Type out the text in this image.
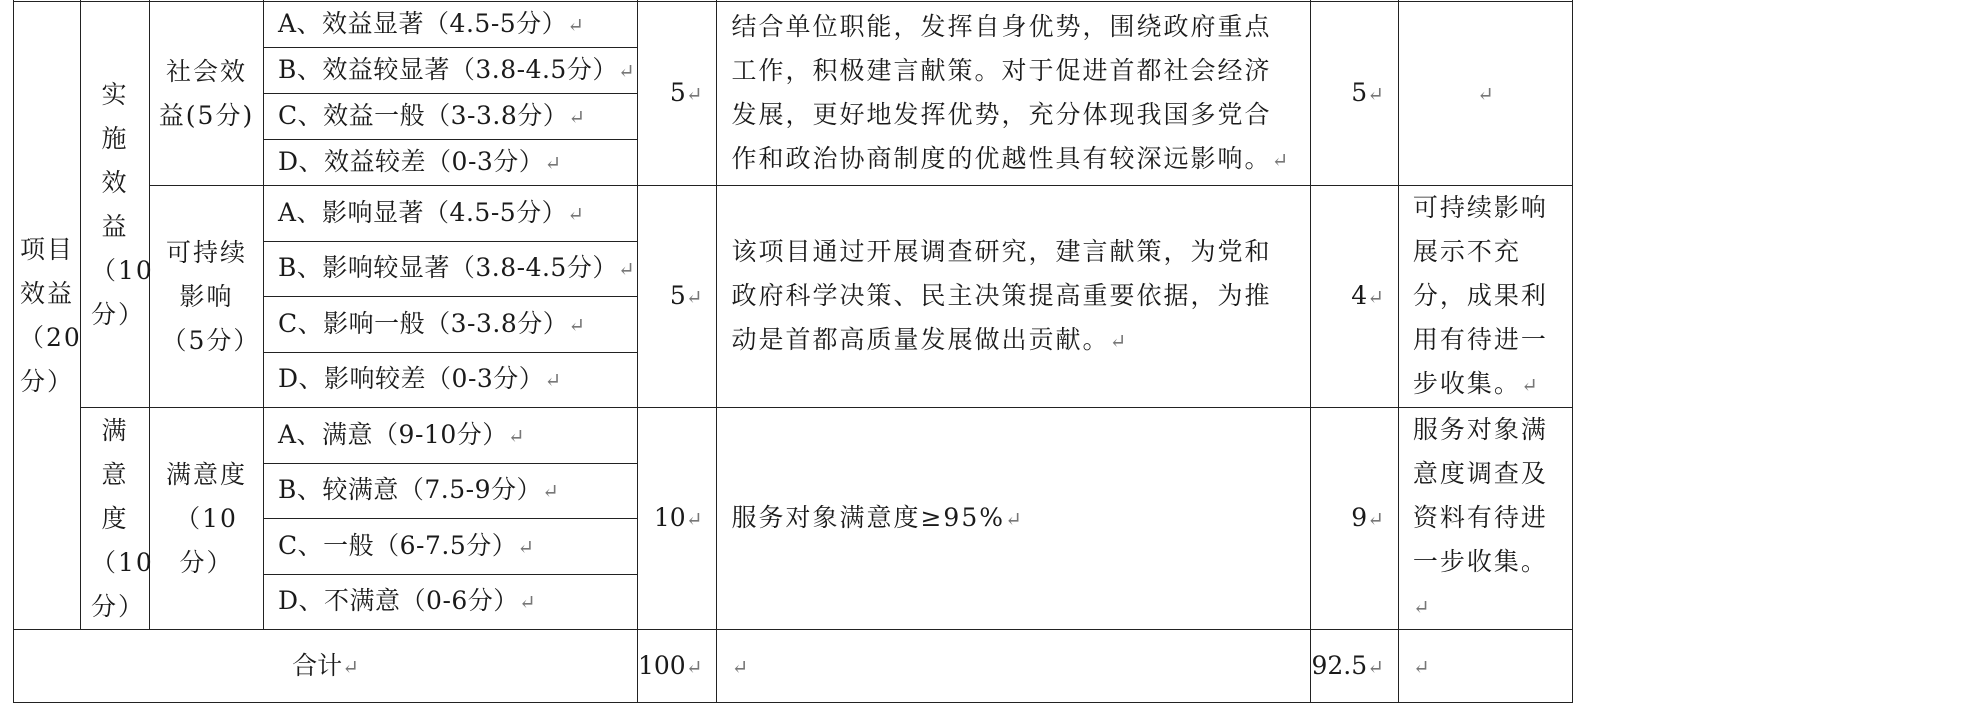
项目效益（20分）	实施效益（10分）	社会效益(5分)	A、效益显著（4.5-5分）↵	5↵	结合单位职能，发挥自身优势，围绕政府重点工作，积极建言献策。对于促进首都社会经济发展，更好地发挥优势，充分体现我国多党合作和政治协商制度的优越性具有较深远影响。↵	5↵	↵
			B、效益较显著（3.8-4.5分）↵				
			C、效益一般（3-3.8分）↵				
			D、效益较差（0-3分）↵				

		可持续影响（5分）	A、影响显著（4.5-5分）↵	5↵	该项目通过开展调查研究，建言献策，为党和政府科学决策、民主决策提高重要依据，为推动是首都高质量发展做出贡献。↵	4↵	可持续影响展示不充分，成果利用有待进一步收集。↵
			B、影响较显著（3.8-4.5分）↵				
			C、影响一般（3-3.8分）↵				
			D、影响较差（0-3分）↵				

	满意度（10分）	满意度（10分）	A、满意（9-10分）↵	10↵	服务对象满意度≥95%↵	9↵	服务对象满意度调查及资料有待进一步收集。↵
			B、较满意（7.5-9分）↵				
			C、一般（6-7.5分）↵				
			D、不满意（0-6分）↵				
合计↵				100↵	↵	92.5↵	↵
